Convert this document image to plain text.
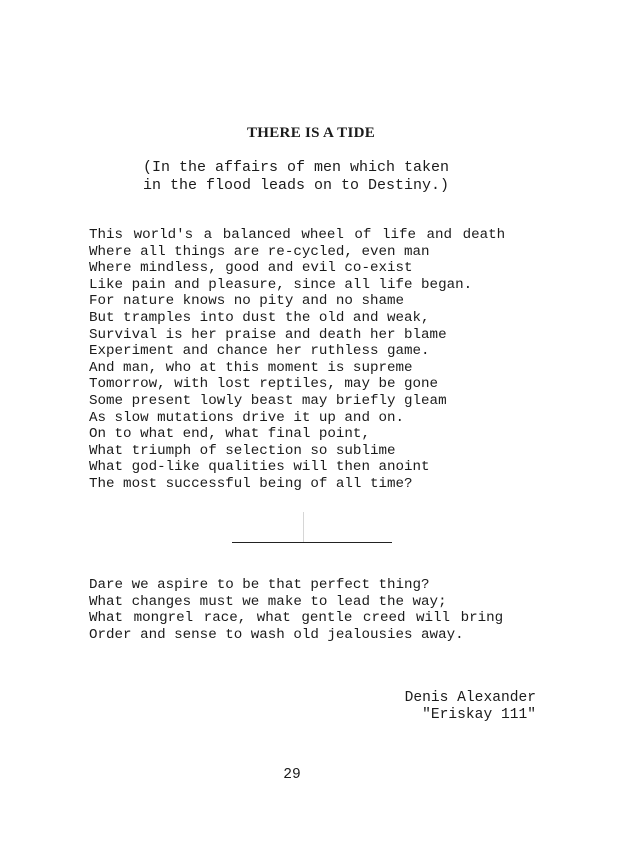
THERE IS A TIDE
(In the affairs of men which taken
in the flood leads on to Destiny.)
This world's a balanced wheel of life and death
Where all things are re-cycled, even man
Where mindless, good and evil co-exist
Like pain and pleasure, since all life began.
For nature knows no pity and no shame
But tramples into dust the old and weak,
Survival is her praise and death her blame
Experiment and chance her ruthless game.
And man, who at this moment is supreme
Tomorrow, with lost reptiles, may be gone
Some present lowly beast may briefly gleam
As slow mutations drive it up and on.
On to what end, what final point,
What triumph of selection so sublime
What god-like qualities will then anoint
The most successful being of all time?
Dare we aspire to be that perfect thing?
What changes must we make to lead the way;
What mongrel race, what gentle creed will bring
Order and sense to wash old jealousies away.
Denis Alexander
"Eriskay 111"
29
